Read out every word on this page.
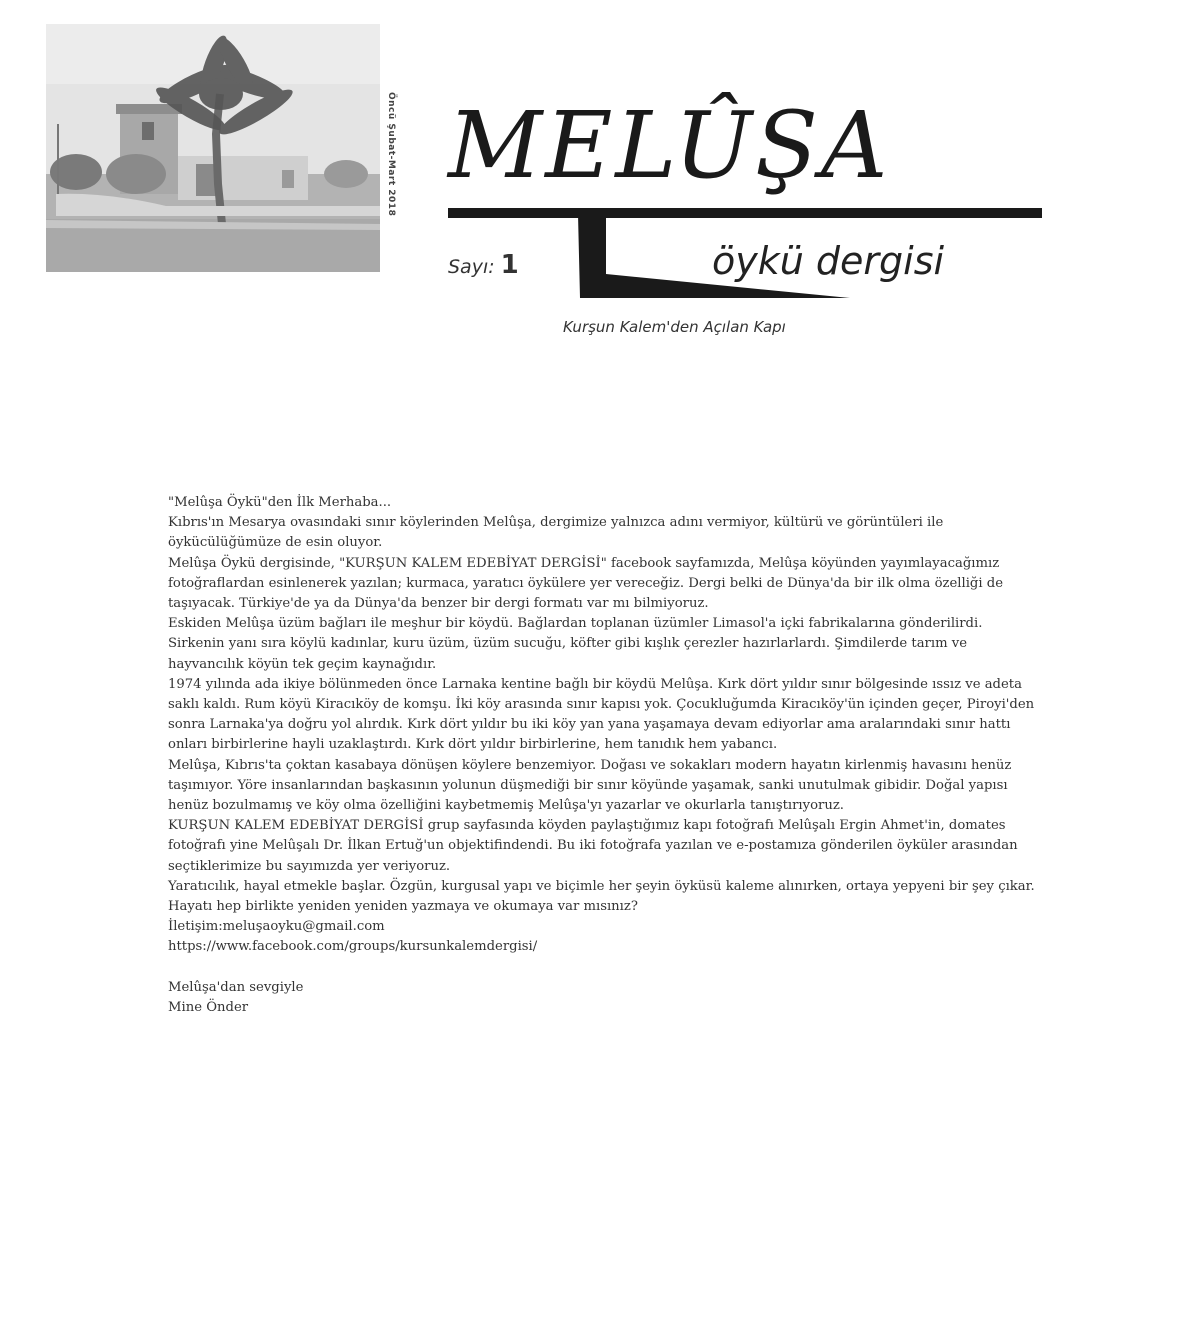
Öncü Şubat-Mart 2018 MELÛŞA
Sayı: 1	öykü dergisi
Kurşun Kalem'den Açılan Kapı

"Melûşa Öykü"den İlk Merhaba...

Kıbrıs'ın Mesarya ovasındaki sınır köylerinden Melûşa, dergimize yalnızca adını vermiyor, kültürü ve görüntüleri ile öykücülüğümüze de esin oluyor.

Melûşa Öykü dergisinde, "KURŞUN KALEM EDEBİYAT DERGİSİ" facebook sayfamızda, Melûşa köyünden yayımlayacağımız fotoğraflardan esinlenerek yazılan; kurmaca, yaratıcı öykülere yer vereceğiz. Dergi belki de Dünya'da bir ilk olma özelliği de taşıyacak. Türkiye'de ya da Dünya'da benzer bir dergi formatı var mı bilmiyoruz.

Eskiden Melûşa üzüm bağları ile meşhur bir köydü. Bağlardan toplanan üzümler Limasol'a içki fabrikalarına gönderilirdi. Sirkenin yanı sıra köylü kadınlar, kuru üzüm, üzüm sucuğu, köfter gibi kışlık çerezler hazırlarlardı. Şimdilerde tarım ve hayvancılık köyün tek geçim kaynağıdır.

1974 yılında ada ikiye bölünmeden önce Larnaka kentine bağlı bir köydü Melûşa. Kırk dört yıldır sınır bölgesinde ıssız ve adeta saklı kaldı. Rum köyü Kiracıköy de komşu. İki köy arasında sınır kapısı yok. Çocukluğumda Kiracıköy'ün içinden geçer, Piroyi'den sonra Larnaka'ya doğru yol alırdık. Kırk dört yıldır bu iki köy yan yana yaşamaya devam ediyorlar ama aralarındaki sınır hattı onları birbirlerine hayli uzaklaştırdı. Kırk dört yıldır birbirlerine, hem tanıdık hem yabancı.

Melûşa, Kıbrıs'ta çoktan kasabaya dönüşen köylere benzemiyor. Doğası ve sokakları modern hayatın kirlenmiş havasını henüz taşımıyor. Yöre insanlarından başkasının yolunun düşmediği bir sınır köyünde yaşamak, sanki unutulmak gibidir. Doğal yapısı henüz bozulmamış ve köy olma özelliğini kaybetmemiş Melûşa'yı yazarlar ve okurlarla tanıştırıyoruz.

KURŞUN KALEM EDEBİYAT DERGİSİ grup sayfasında köyden paylaştığımız kapı fotoğrafı Melûşalı Ergin Ahmet'in, domates fotoğrafı yine Melûşalı Dr. İlkan Ertuğ'un objektifindendi. Bu iki fotoğrafa yazılan ve e-postamıza gönderilen öyküler arasından seçtiklerimize bu sayımızda yer veriyoruz.

Yaratıcılık, hayal etmekle başlar. Özgün, kurgusal yapı ve biçimle her şeyin öyküsü kaleme alınırken, ortaya yepyeni bir şey çıkar. Hayatı hep birlikte yeniden yeniden yazmaya ve okumaya var mısınız?

İletişim:meluşaoyku@gmail.com

https://www.facebook.com/groups/kursunkalemdergisi/

Melûşa'dan sevgiyle

Mine Önder
